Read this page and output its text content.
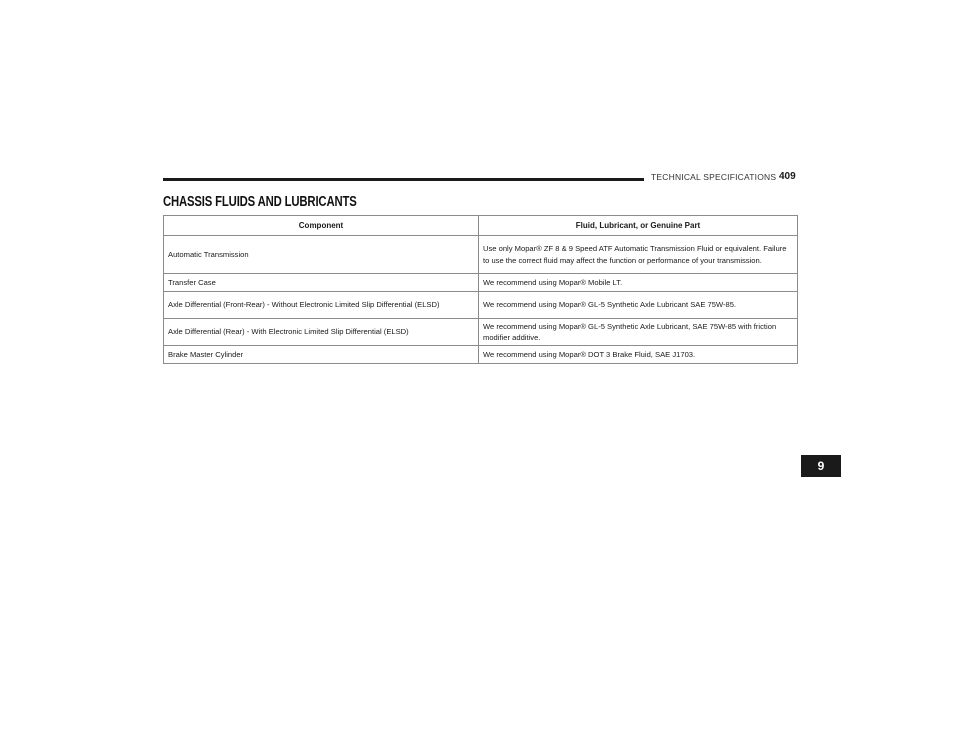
TECHNICAL SPECIFICATIONS 409
CHASSIS FLUIDS AND LUBRICANTS
Component	Fluid, Lubricant, or Genuine Part
Automatic Transmission	Use only Mopar® ZF 8 & 9 Speed ATF Automatic Transmission Fluid or equivalent. Failure to use the correct fluid may affect the function or performance of your transmission.
Transfer Case	We recommend using Mopar® Mobile LT.
Axle Differential (Front-Rear) - Without Electronic Limited Slip Differential (ELSD)	We recommend using Mopar® GL-5 Synthetic Axle Lubricant SAE 75W-85.
Axle Differential (Rear) - With Electronic Limited Slip Differential (ELSD)	We recommend using Mopar® GL-5 Synthetic Axle Lubricant, SAE 75W-85 with friction modifier additive.
Brake Master Cylinder	We recommend using Mopar® DOT 3 Brake Fluid, SAE J1703.
9
